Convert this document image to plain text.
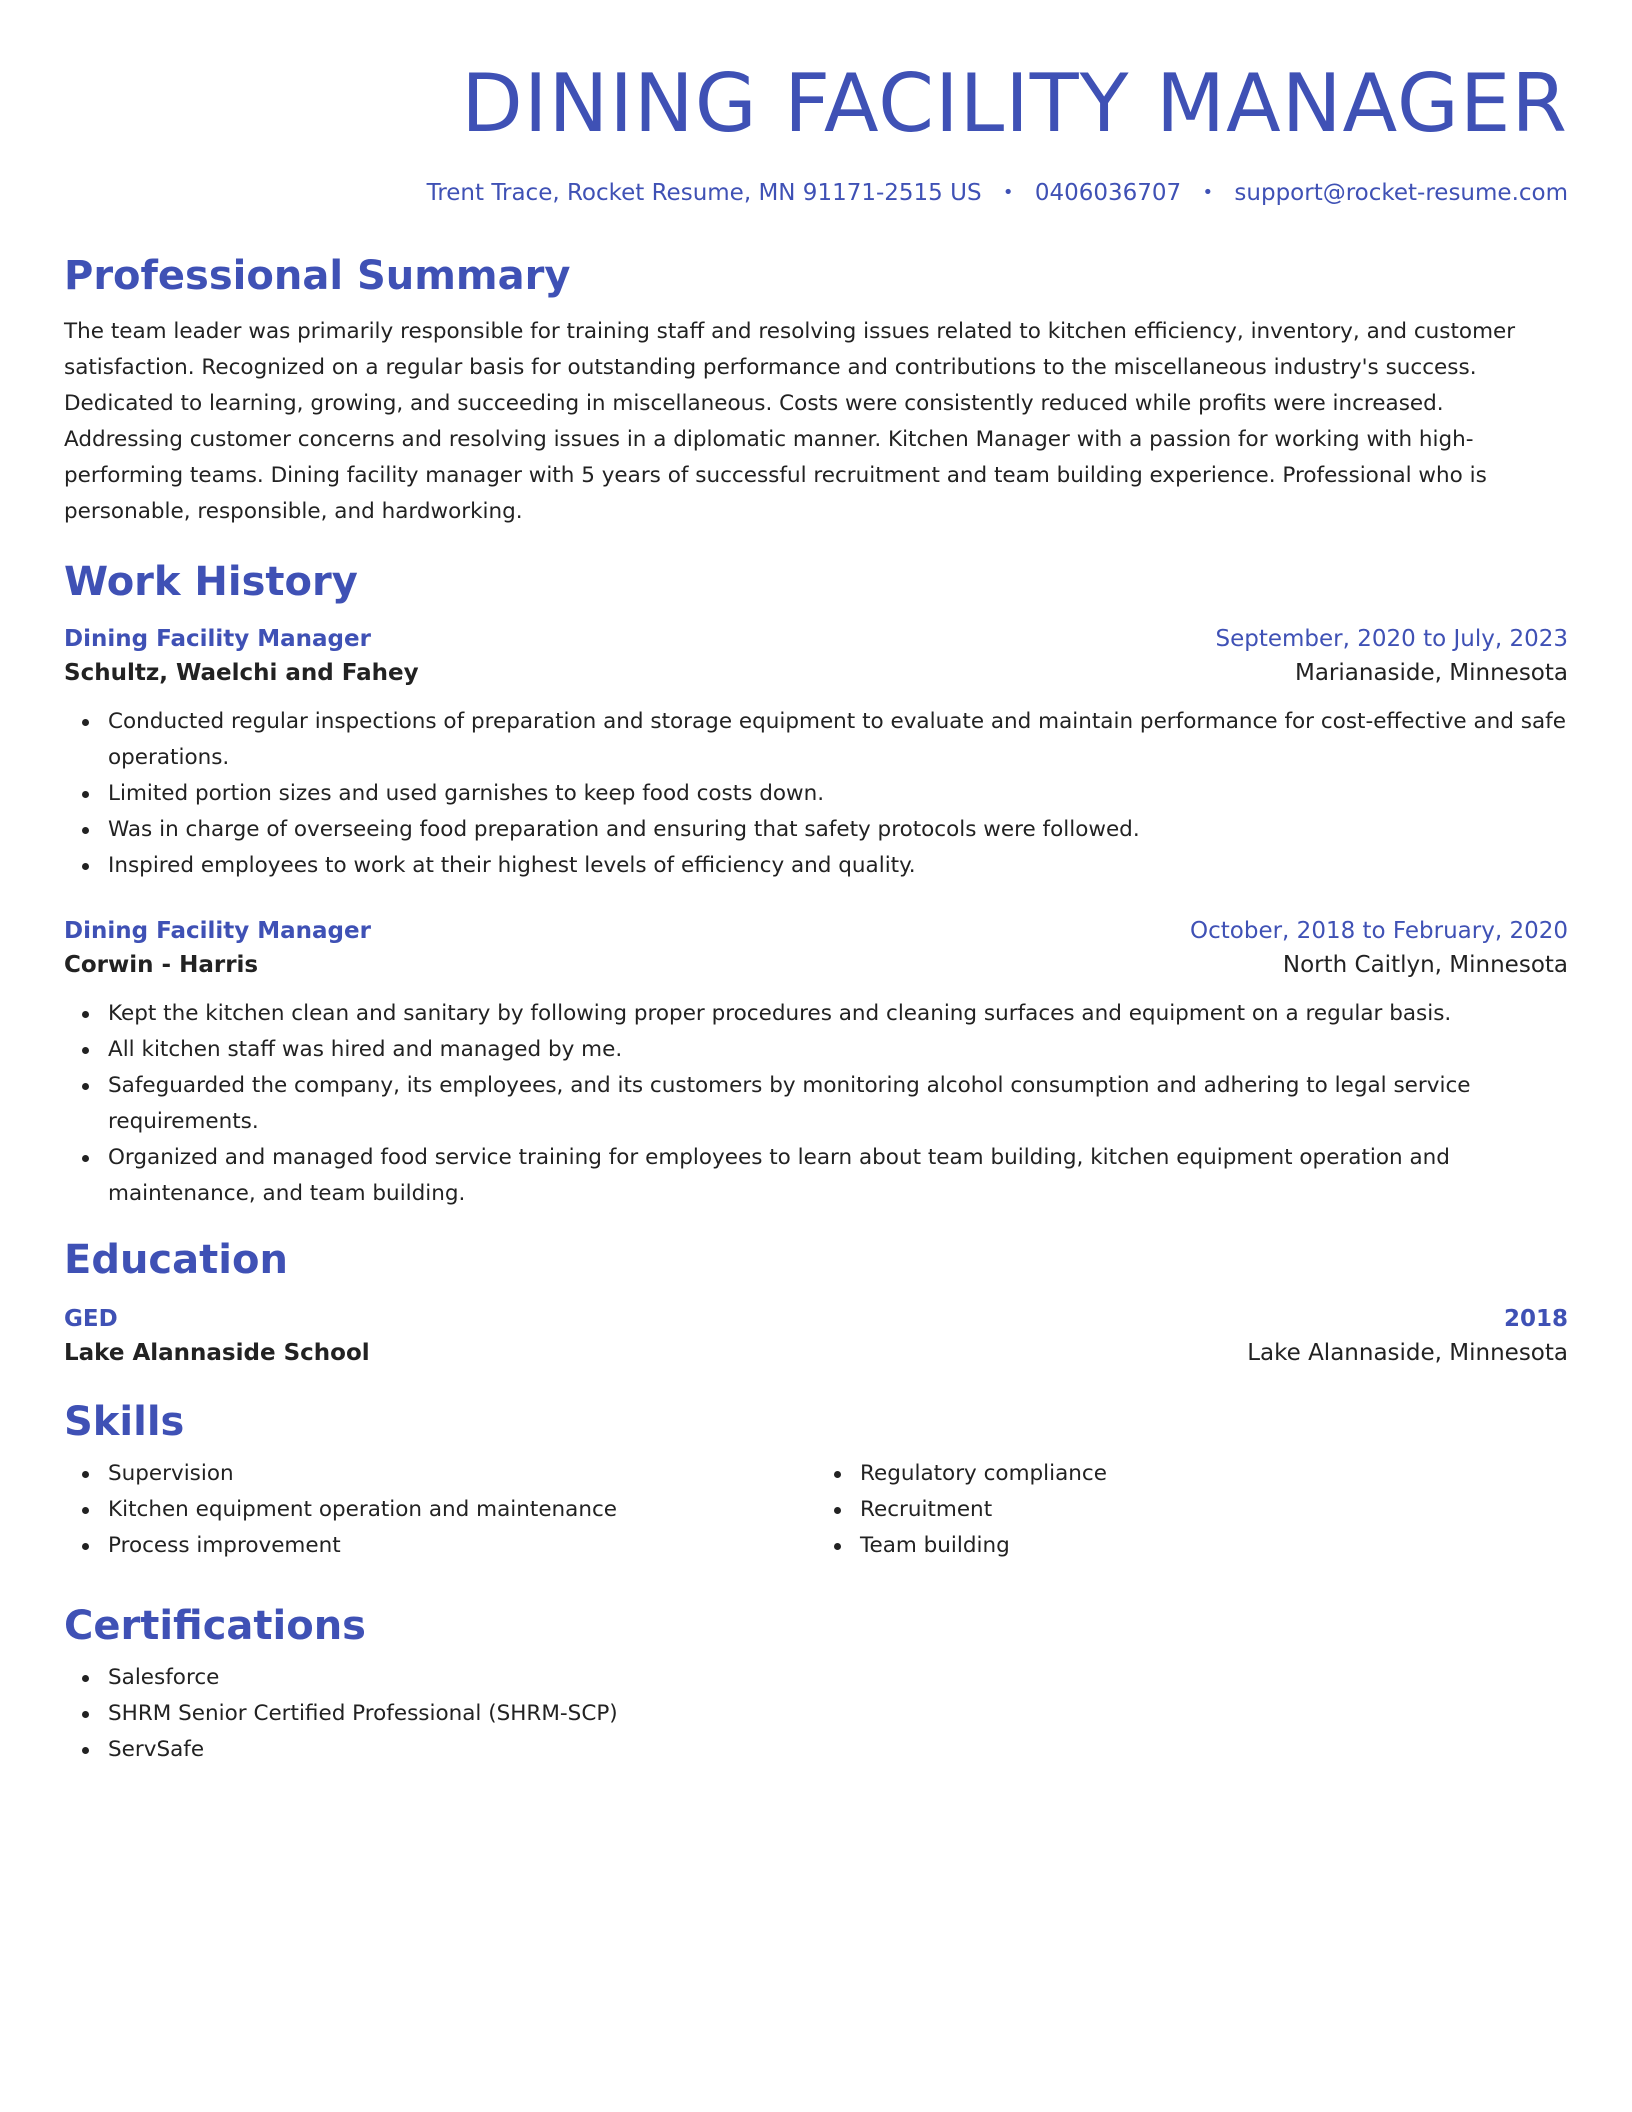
DINING FACILITY MANAGER
Trent Trace, Rocket Resume, MN 91171-2515 US • 0406036707 • support@rocket-resume.com
Professional Summary
The team leader was primarily responsible for training staff and resolving issues related to kitchen efficiency, inventory, and customer satisfaction. Recognized on a regular basis for outstanding performance and contributions to the miscellaneous industry's success. Dedicated to learning, growing, and succeeding in miscellaneous. Costs were consistently reduced while profits were increased. Addressing customer concerns and resolving issues in a diplomatic manner. Kitchen Manager with a passion for working with high-performing teams. Dining facility manager with 5 years of successful recruitment and team building experience. Professional who is personable, responsible, and hardworking.
Work History
Dining Facility Manager	September, 2020 to July, 2023
Schultz, Waelchi and Fahey	Marianaside, Minnesota
Conducted regular inspections of preparation and storage equipment to evaluate and maintain performance for cost-effective and safe operations.
Limited portion sizes and used garnishes to keep food costs down.
Was in charge of overseeing food preparation and ensuring that safety protocols were followed.
Inspired employees to work at their highest levels of efficiency and quality.
Dining Facility Manager	October, 2018 to February, 2020
Corwin - Harris	North Caitlyn, Minnesota
Kept the kitchen clean and sanitary by following proper procedures and cleaning surfaces and equipment on a regular basis.
All kitchen staff was hired and managed by me.
Safeguarded the company, its employees, and its customers by monitoring alcohol consumption and adhering to legal service requirements.
Organized and managed food service training for employees to learn about team building, kitchen equipment operation and maintenance, and team building.
Education
GED	2018
Lake Alannaside School	Lake Alannaside, Minnesota
Skills
Supervision
Kitchen equipment operation and maintenance
Process improvement
Regulatory compliance
Recruitment
Team building
Certifications
Salesforce
SHRM Senior Certified Professional (SHRM-SCP)
ServSafe
